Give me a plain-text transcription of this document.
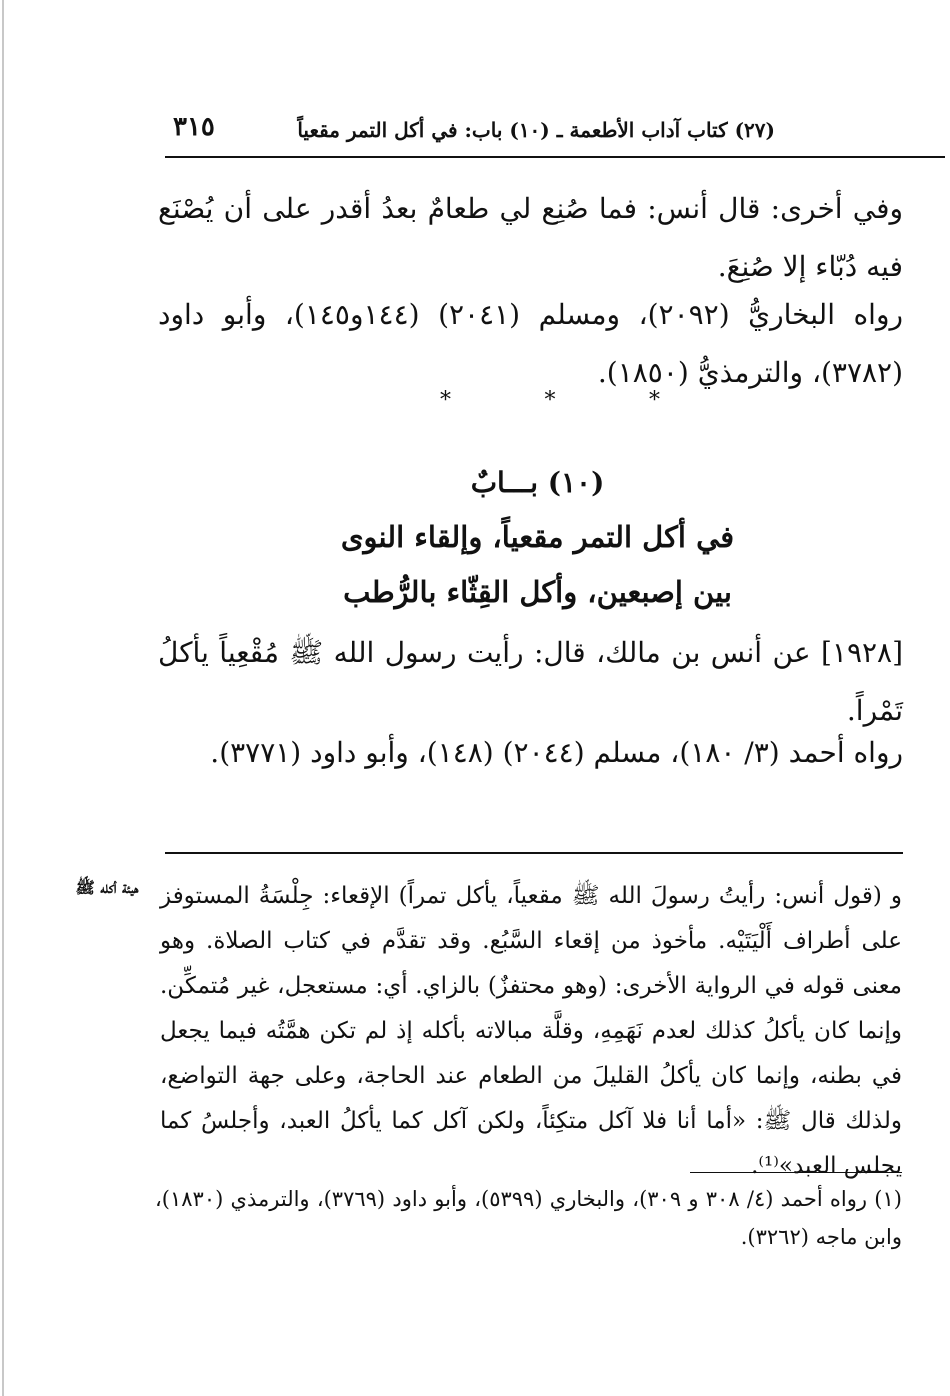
٣١٥	(٢٧) كتاب آداب الأطعمة ـ (١٠) باب: في أكل التمر مقعياً
وفي أخرى: قال أنس: فما صُنِع لي طعامٌ بعدُ أقدر على أن يُصْنَع فيه دُبّاء إلا صُنِعَ.
رواه البخاريُّ (٢٠٩٢)، ومسلم (٢٠٤١) (١٤٤و١٤٥)، وأبو داود (٣٧٨٢)، والترمذيُّ (١٨٥٠).
*	*	*
(١٠) بـــابٌ
في أكل التمر مقعياً، وإلقاء النوى
بين إصبعين، وأكل القِثّاء بالرُّطب
[١٩٢٨] عن أنس بن مالك، قال: رأيت رسول الله ﷺ مُقْعِياً يأكلُ تَمْراً.
رواه أحمد (٣/ ١٨٠)، مسلم (٢٠٤٤) (١٤٨)، وأبو داود (٣٧٧١).
هيئة أكله ﷺ و (قول أنس: رأيتُ رسولَ الله ﷺ مقعياً، يأكل تمراً) الإقعاء: جِلْسَةُ المستوفز على أطراف أَلْيَتَيْه. مأخوذ من إقعاء السَّبُع. وقد تقدَّم في كتاب الصلاة. وهو معنى قوله في الرواية الأخرى: (وهو محتفزٌ) بالزاي. أي: مستعجل، غير مُتمكِّن. وإنما كان يأكلُ كذلك لعدم نَهَمِهِ، وقلَّة مبالاته بأكله إذ لم تكن همَّتُه فيما يجعل في بطنه، وإنما كان يأكلُ القليلَ من الطعام عند الحاجة، وعلى جهة التواضع، ولذلك قال ﷺ: «أما أنا فلا آكل متكِئاً، ولكن آكل كما يأكلُ العبد، وأجلسُ كما يجلس العبد»⁽¹⁾.
(١) رواه أحمد (٤/ ٣٠٨ و ٣٠٩)، والبخاري (٥٣٩٩)، وأبو داود (٣٧٦٩)، والترمذي (١٨٣٠)، وابن ماجه (٣٢٦٢).
